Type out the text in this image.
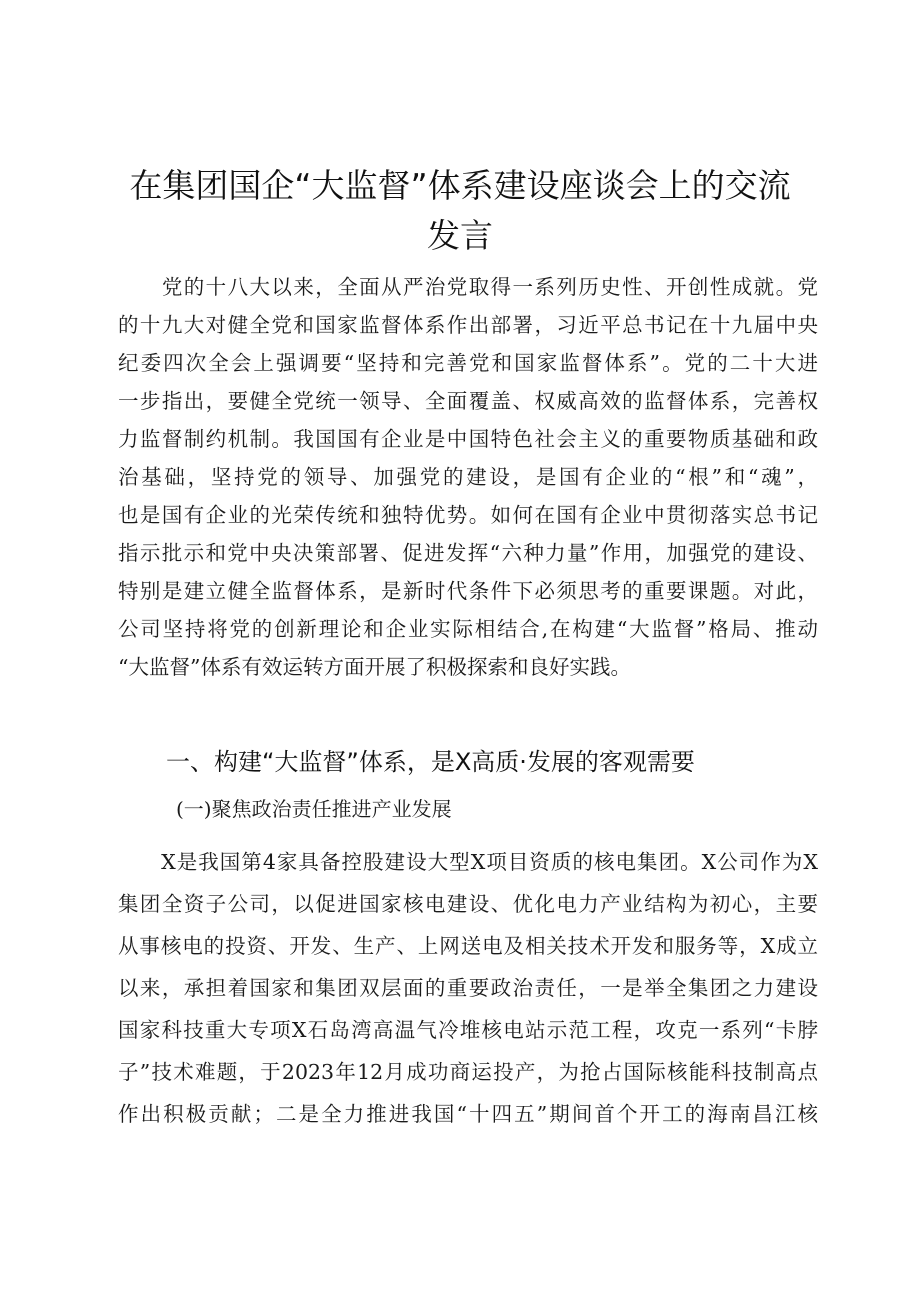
在集团国企“大监督”体系建设座谈会上的交流
发言
　　党的十八大以来，全面从严治党取得一系列历史性、开创性成就。党
的十九大对健全党和国家监督体系作出部署，习近平总书记在十九届中央
纪委四次全会上强调要“坚持和完善党和国家监督体系”。党的二十大进
一步指出，要健全党统一领导、全面覆盖、权威高效的监督体系，完善权
力监督制约机制。我国国有企业是中国特色社会主义的重要物质基础和政
治基础，坚持党的领导、加强党的建设，是国有企业的“根”和“魂”，
也是国有企业的光荣传统和独特优势。如何在国有企业中贯彻落实总书记
指示批示和党中央决策部署、促进发挥“六种力量”作用，加强党的建设、
特别是建立健全监督体系，是新时代条件下必须思考的重要课题。对此，
公司坚持将党的创新理论和企业实际相结合,在构建“大监督”格局、推动
“大监督”体系有效运转方面开展了积极探索和良好实践。
一、构建“大监督”体系，是X高质·发展的客观需要
(一)聚焦政治责任推进产业发展
　　X是我国第4家具备控股建设大型X项目资质的核电集团。X公司作为X
集团全资子公司，以促进国家核电建设、优化电力产业结构为初心，主要
从事核电的投资、开发、生产、上网送电及相关技术开发和服务等，X成立
以来，承担着国家和集团双层面的重要政治责任，一是举全集团之力建设
国家科技重大专项X石岛湾高温气冷堆核电站示范工程，攻克一系列“卡脖
子”技术难题，于2023年12月成功商运投产，为抢占国际核能科技制高点
作出积极贡献；二是全力推进我国“十四五”期间首个开工的海南昌江核
